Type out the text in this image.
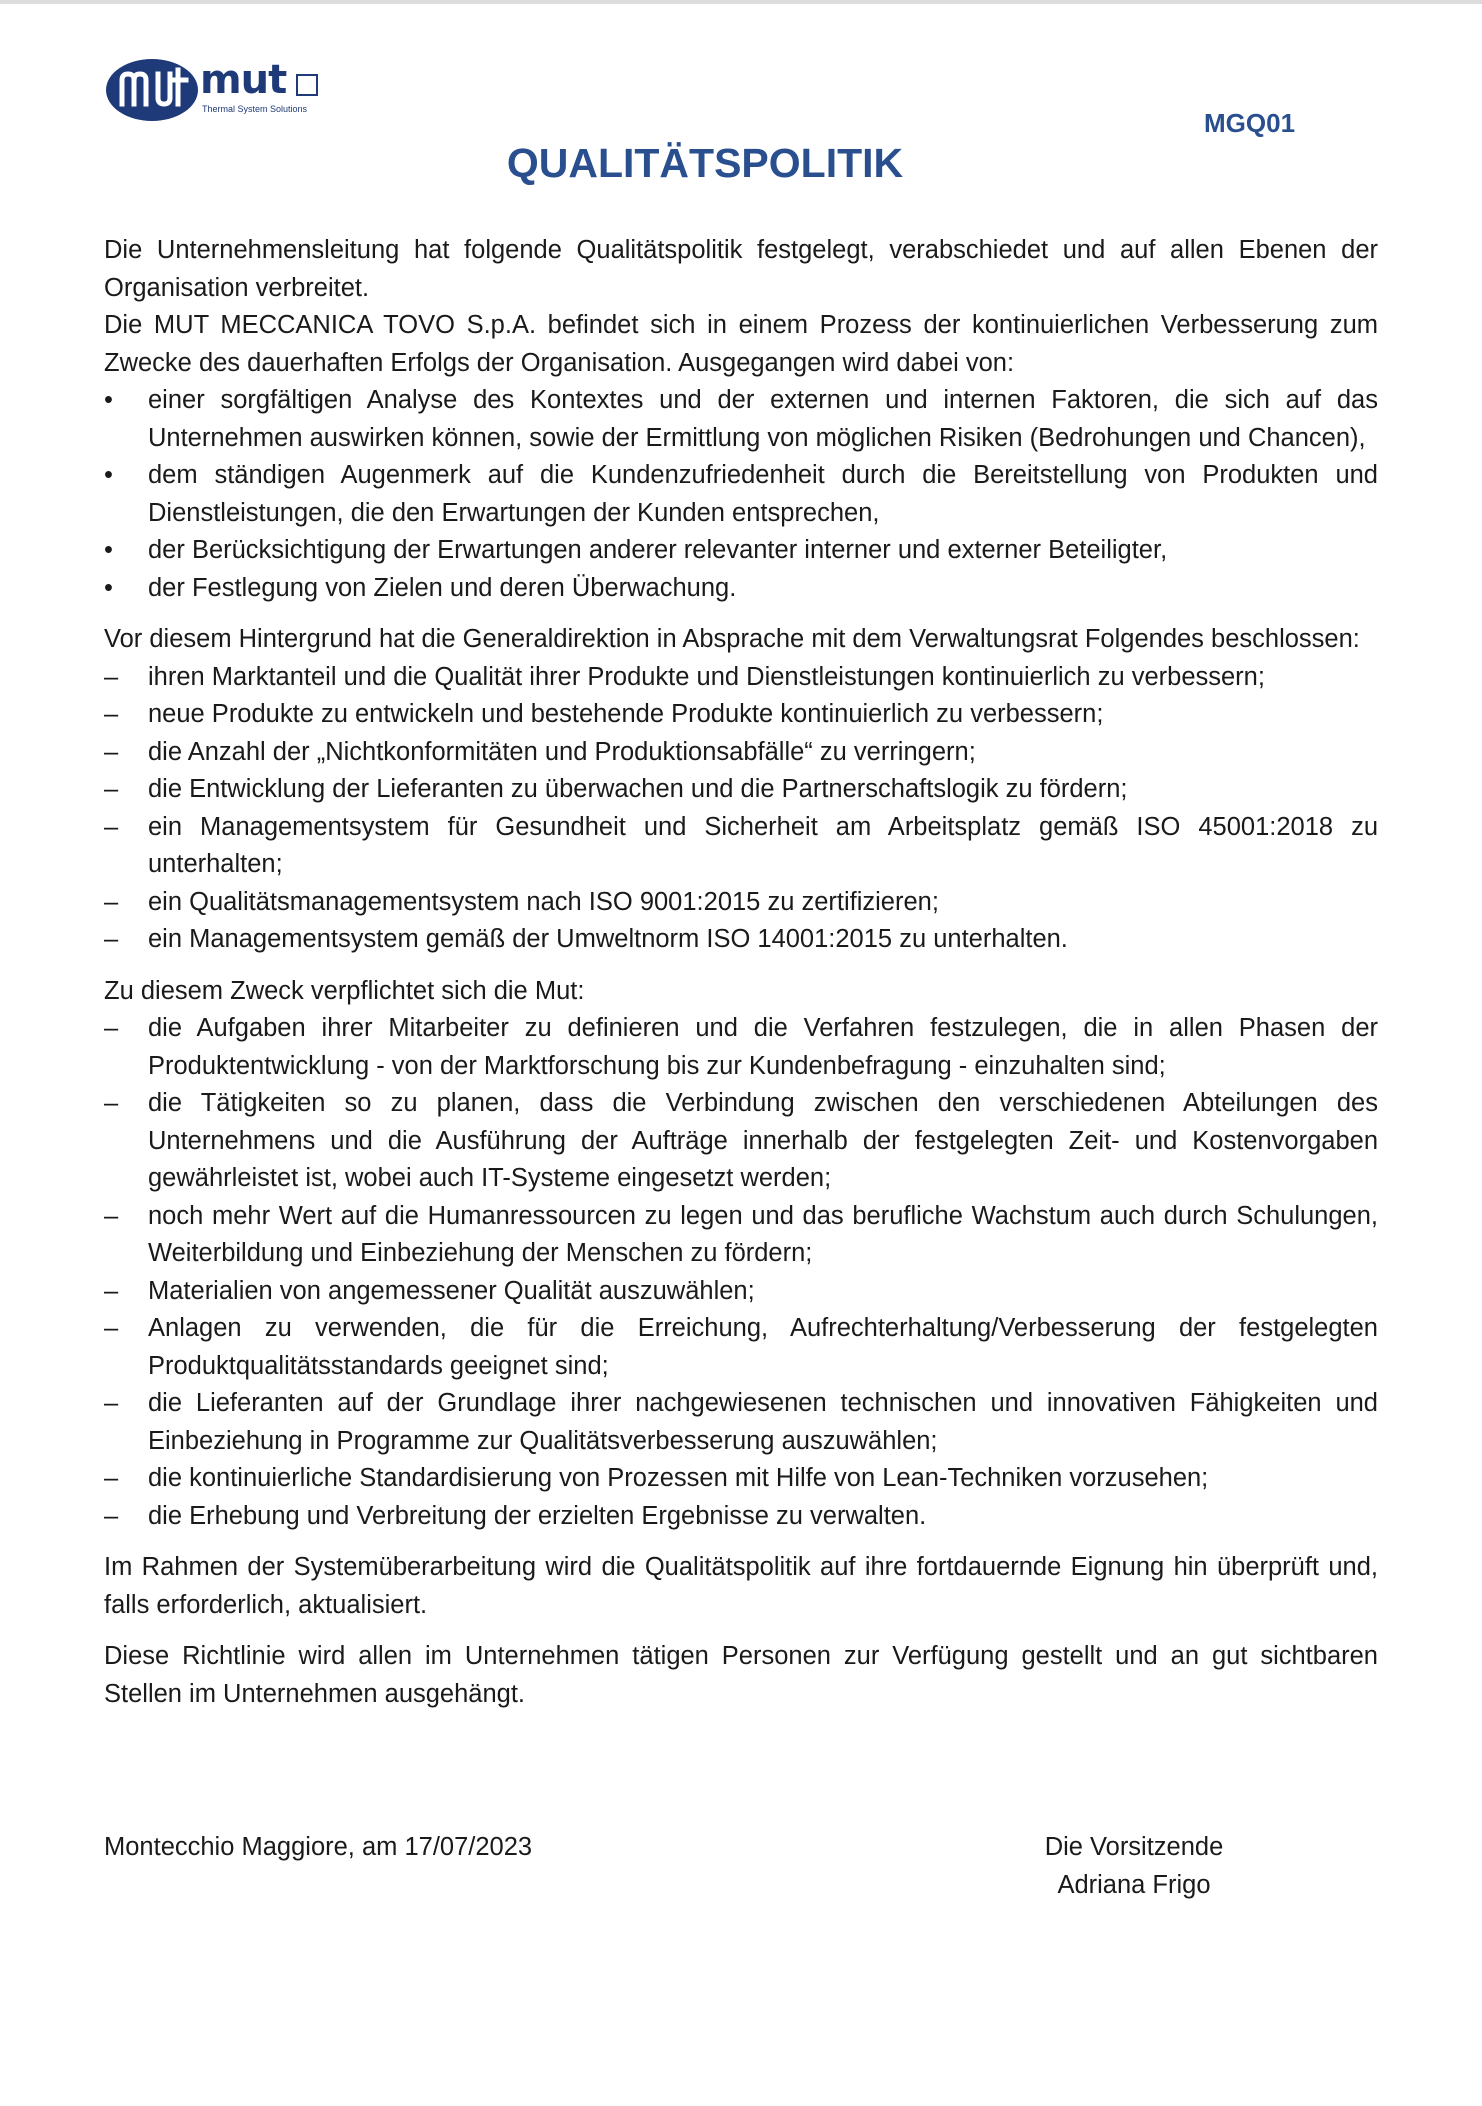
mut
Thermal System Solutions	MGQ01
QUALITÄTSPOLITIK

Die Unternehmensleitung hat folgende Qualitätspolitik festgelegt, verabschiedet und auf allen Ebenen der Organisation verbreitet.

Die MUT MECCANICA TOVO S.p.A. befindet sich in einem Prozess der kontinuierlichen Verbesserung zum Zwecke des dauerhaften Erfolgs der Organisation. Ausgegangen wird dabei von:

•	einer sorgfältigen Analyse des Kontextes und der externen und internen Faktoren, die sich auf das Unternehmen auswirken können, sowie der Ermittlung von möglichen Risiken (Bedrohungen und Chancen),
•	dem ständigen Augenmerk auf die Kundenzufriedenheit durch die Bereitstellung von Produkten und Dienstleistungen, die den Erwartungen der Kunden entsprechen,
•	der Berücksichtigung der Erwartungen anderer relevanter interner und externer Beteiligter,
•	der Festlegung von Zielen und deren Überwachung.

Vor diesem Hintergrund hat die Generaldirektion in Absprache mit dem Verwaltungsrat Folgendes beschlossen:

–	ihren Marktanteil und die Qualität ihrer Produkte und Dienstleistungen kontinuierlich zu verbessern;
–	neue Produkte zu entwickeln und bestehende Produkte kontinuierlich zu verbessern;
–	die Anzahl der „Nichtkonformitäten und Produktionsabfälle“ zu verringern;
–	die Entwicklung der Lieferanten zu überwachen und die Partnerschaftslogik zu fördern;
–	ein Managementsystem für Gesundheit und Sicherheit am Arbeitsplatz gemäß ISO 45001:2018 zu unterhalten;
–	ein Qualitätsmanagementsystem nach ISO 9001:2015 zu zertifizieren;
–	ein Managementsystem gemäß der Umweltnorm ISO 14001:2015 zu unterhalten.

Zu diesem Zweck verpflichtet sich die Mut:

–	die Aufgaben ihrer Mitarbeiter zu definieren und die Verfahren festzulegen, die in allen Phasen der Produktentwicklung - von der Marktforschung bis zur Kundenbefragung - einzuhalten sind;
–	die Tätigkeiten so zu planen, dass die Verbindung zwischen den verschiedenen Abteilungen des Unternehmens und die Ausführung der Aufträge innerhalb der festgelegten Zeit- und Kostenvorgaben gewährleistet ist, wobei auch IT-Systeme eingesetzt werden;
–	noch mehr Wert auf die Humanressourcen zu legen und das berufliche Wachstum auch durch Schulungen, Weiterbildung und Einbeziehung der Menschen zu fördern;
–	Materialien von angemessener Qualität auszuwählen;
–	Anlagen zu verwenden, die für die Erreichung, Aufrechterhaltung/Verbesserung der festgelegten Produktqualitätsstandards geeignet sind;
–	die Lieferanten auf der Grundlage ihrer nachgewiesenen technischen und innovativen Fähigkeiten und Einbeziehung in Programme zur Qualitätsverbesserung auszuwählen;
–	die kontinuierliche Standardisierung von Prozessen mit Hilfe von Lean-Techniken vorzusehen;
–	die Erhebung und Verbreitung der erzielten Ergebnisse zu verwalten.

Im Rahmen der Systemüberarbeitung wird die Qualitätspolitik auf ihre fortdauernde Eignung hin überprüft und, falls erforderlich, aktualisiert.

Diese Richtlinie wird allen im Unternehmen tätigen Personen zur Verfügung gestellt und an gut sichtbaren Stellen im Unternehmen ausgehängt.

Montecchio Maggiore, am 17/07/2023	Die Vorsitzende
Adriana Frigo
